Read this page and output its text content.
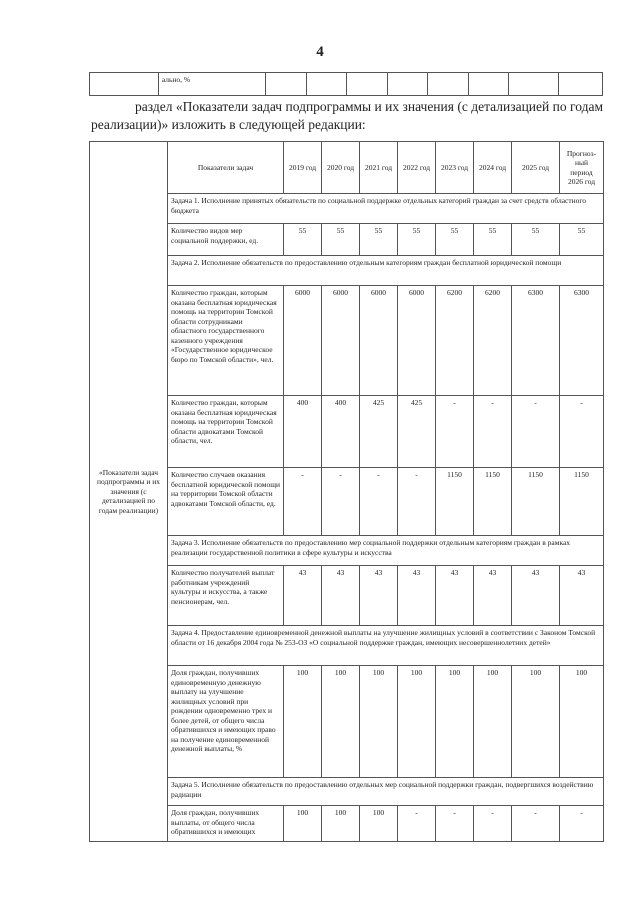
4
	ально, %								
раздел «Показатели задач подпрограммы и их значения (с детализацией по годам реализации)» изложить в следующей редакции:
«Показатели задач подпрограммы и их значения (с детализацией по годам реализации)	Показатели задач	2019 год	2020 год	2021 год	2022 год	2023 год	2024 год	2025 год	Прогноз-ный период 2026 год
	Задача 1. Исполнение принятых обязательств по социальной поддержке отдельных категорий граждан за счет средств областного бюджета								
	Количество видов мер социальной поддержки, ед.	55	55	55	55	55	55	55	55
	Задача 2. Исполнение обязательств по предоставлению отдельным категориям граждан бесплатной юридической помощи								
	Количество граждан, которым оказана бесплатная юридическая помощь на территории Томской области сотрудниками областного государственного казенного учреждения «Государственное юридическое бюро по Томской области», чел.	6000	6000	6000	6000	6200	6200	6300	6300
	Количество граждан, которым оказана бесплатная юридическая помощь на территории Томской области адвокатами Томской области, чел.	400	400	425	425	-	-	-	-
	Количество случаев оказания бесплатной юридической помощи на территории Томской области адвокатами Томской области, ед.	-	-	-	-	1150	1150	1150	1150
	Задача 3. Исполнение обязательств по предоставлению мер социальной поддержки отдельным категориям граждан в рамках реализации государственной политики в сфере культуры и искусства								
	Количество получателей выплат работникам учреждений культуры и искусства, а также пенсионерам, чел.	43	43	43	43	43	43	43	43
	Задача 4. Предоставление единовременной денежной выплаты на улучшение жилищных условий в соответствии с Законом Томской области от 16 декабря 2004 года № 253-ОЗ «О социальной поддержке граждан, имеющих несовершеннолетних детей»								
	Доля граждан, получивших единовременную денежную выплату на улучшение жилищных условий при рождении одновременно трех и более детей, от общего числа обратившихся и имеющих право на получение единовременной денежной выплаты, %	100	100	100	100	100	100	100	100
	Задача 5. Исполнение обязательств по предоставлению отдельных мер социальной поддержки граждан, подвергшихся воздействию радиации								
	Доля граждан, получивших выплаты, от общего числа обратившихся и имеющих	100	100	100	-	-	-	-	-
